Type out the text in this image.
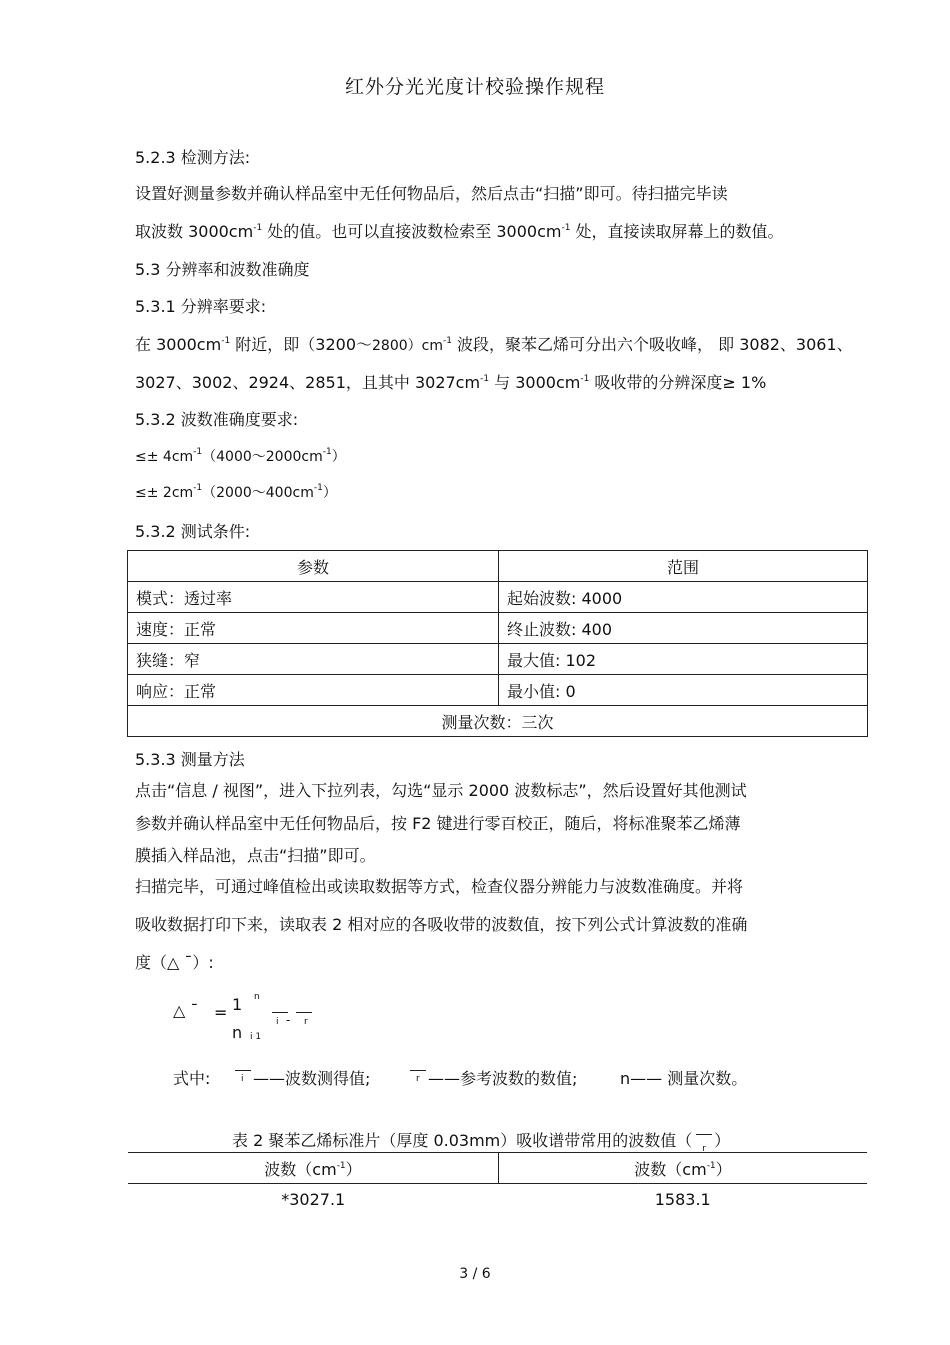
红外分光光度计校验操作规程
5.2.3 检测方法:
设置好测量参数并确认样品室中无任何物品后，然后点击“扫描”即可。待扫描完毕读
取波数 $3000cm^{-1}$ 处的值。也可以直接波数检索至 $3000cm^{-1}$ 处，直接读取屏幕上的数值。
5.3 分辨率和波数准确度
5.3.1 分辨率要求:
在 $3000cm^{-1}$ 附近，即$(3200\sim 2800)cm^{-1}$ 波段，聚苯乙烯可分出六个吸收峰， 即 3082、3061、
3027、3002、2924、2851，且其中 $3027cm^{-1}$ 与 $3000cm^{-1}$ 吸收带的分辨深度≥ 1%
5.3.2 波数准确度要求:
≤± $4cm^{-1}(4000\sim 2000cm^{-1})$
≤± $2cm^{-1}(2000\sim 400cm^{-1})$
5.3.2 测试条件:
参数	范围
模式：透过率	起始波数: 4000
速度：正常	终止波数: 400
狭缝：窄	最大值: 102
响应：正常	最小值: 0
测量次数：三次	
5.3.3 测量方法
点击“信息 / 视图”，进入下拉列表，勾选“显示 2000 波数标志”，然后设置好其他测试
参数并确认样品室中无任何物品后，按 F2 键进行零百校正，随后，将标准聚苯乙烯薄
膜插入样品池，点击“扫描”即可。
扫描完毕，可通过峰值检出或读取数据等方式，检查仪器分辨能力与波数准确度。并将
吸收数据打印下来，读取表 2 相对应的各吸收带的波数值，按下列公式计算波数的准确
度（△ ¯）:
△ ¯ = 1
n
n
i 1
i - r
式中:	i ——波数测得值;	r ——参考波数的数值;	n—— 测量次数。
表 2 聚苯乙烯标准片（厚度 0.03mm）吸收谱带常用的波数值（ r ）
波数$(cm^{-1})$	波数$(cm^{-1})$
*3027.1	1583.1
3 / 6
